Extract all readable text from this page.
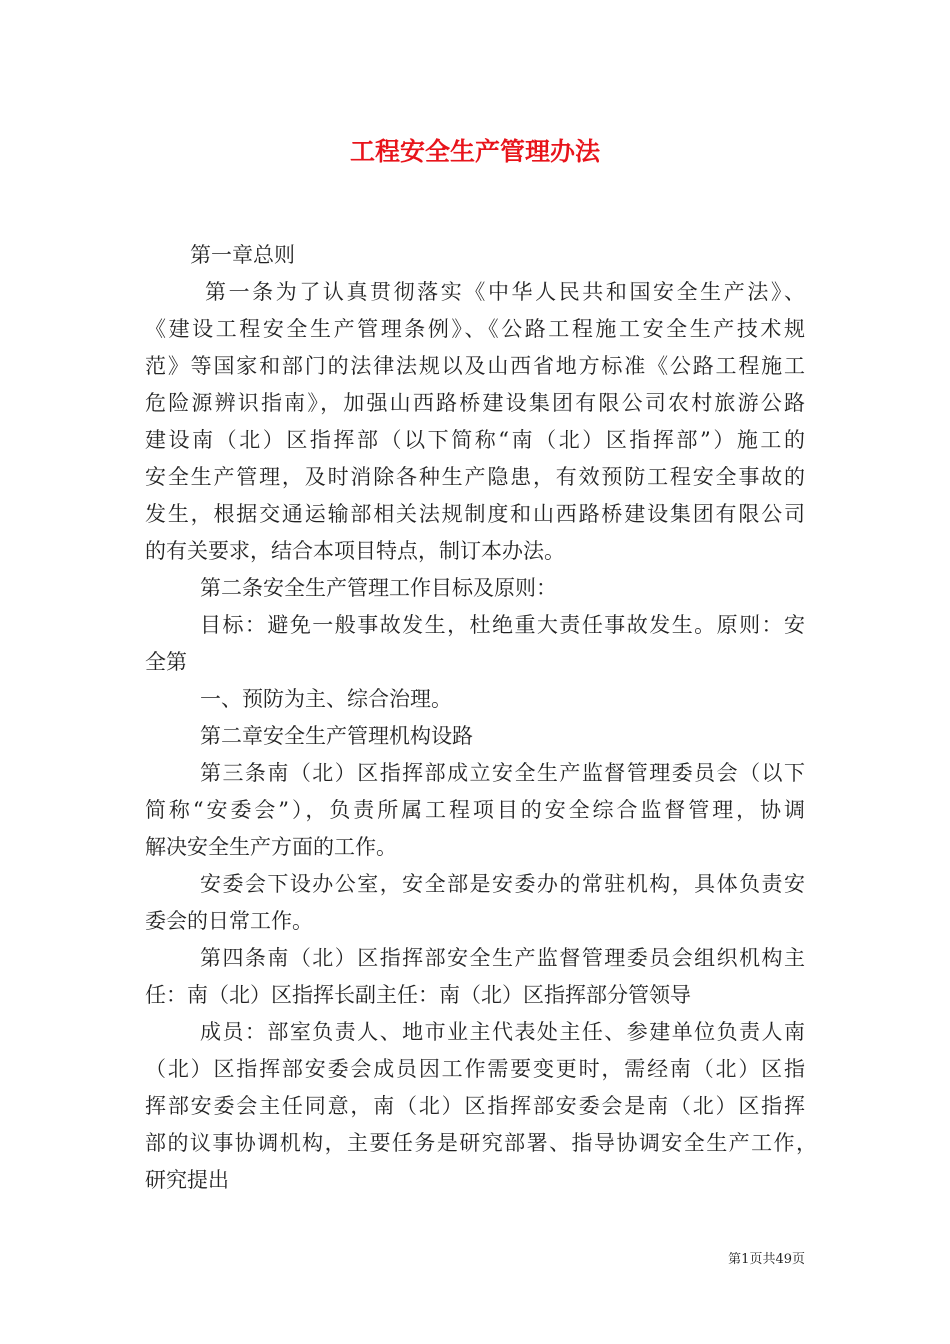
工程安全生产管理办法
第一章总则
第一条为了认真贯彻落实《中华人民共和国安全生产法》、
《建设工程安全生产管理条例》、《公路工程施工安全生产技术规
范》等国家和部门的法律法规以及山西省地方标准《公路工程施工
危险源辨识指南》，加强山西路桥建设集团有限公司农村旅游公路
建设南（北）区指挥部（以下简称“南（北）区指挥部”）施工的
安全生产管理，及时消除各种生产隐患，有效预防工程安全事故的
发生，根据交通运输部相关法规制度和山西路桥建设集团有限公司
的有关要求，结合本项目特点，制订本办法。
第二条安全生产管理工作目标及原则：
目标：避免一般事故发生，杜绝重大责任事故发生。原则：安
全第
一、预防为主、综合治理。
第二章安全生产管理机构设路
第三条南（北）区指挥部成立安全生产监督管理委员会（以下
简称“安委会”），负责所属工程项目的安全综合监督管理，协调
解决安全生产方面的工作。
安委会下设办公室，安全部是安委办的常驻机构，具体负责安
委会的日常工作。
第四条南（北）区指挥部安全生产监督管理委员会组织机构主
任：南（北）区指挥长副主任：南（北）区指挥部分管领导
成员：部室负责人、地市业主代表处主任、参建单位负责人南
（北）区指挥部安委会成员因工作需要变更时，需经南（北）区指
挥部安委会主任同意，南（北）区指挥部安委会是南（北）区指挥
部的议事协调机构，主要任务是研究部署、指导协调安全生产工作，
研究提出
第1页共49页
